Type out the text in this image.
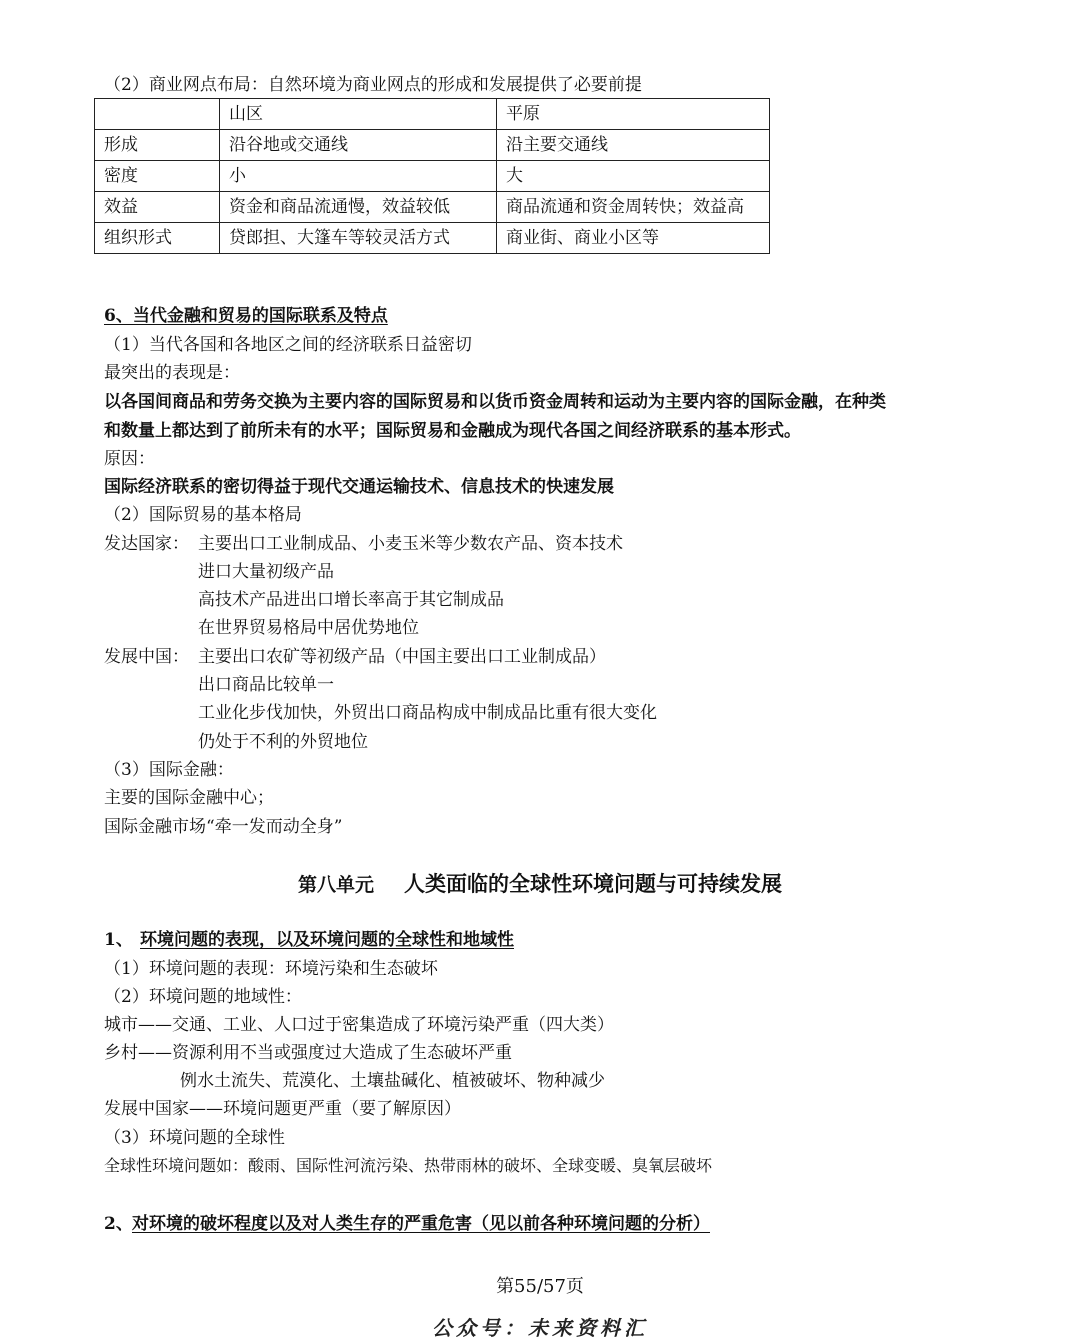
（2）商业网点布局：自然环境为商业网点的形成和发展提供了必要前提
	山区	平原
形成	沿谷地或交通线	沿主要交通线
密度	小	大
效益	资金和商品流通慢，效益较低	商品流通和资金周转快；效益高
组织形式	贷郎担、大篷车等较灵活方式	商业街、商业小区等
6、当代金融和贸易的国际联系及特点
（1）当代各国和各地区之间的经济联系日益密切
最突出的表现是：
以各国间商品和劳务交换为主要内容的国际贸易和以货币资金周转和运动为主要内容的国际金融，在种类
和数量上都达到了前所未有的水平；国际贸易和金融成为现代各国之间经济联系的基本形式。
原因：
国际经济联系的密切得益于现代交通运输技术、信息技术的快速发展
（2）国际贸易的基本格局
发达国家： 主要出口工业制成品、小麦玉米等少数农产品、资本技术
进口大量初级产品
高技术产品进出口增长率高于其它制成品
在世界贸易格局中居优势地位
发展中国： 主要出口农矿等初级产品（中国主要出口工业制成品）
出口商品比较单一
工业化步伐加快，外贸出口商品构成中制成品比重有很大变化
仍处于不利的外贸地位
（3）国际金融：
主要的国际金融中心；
国际金融市场“牵一发而动全身”
第八单元 人类面临的全球性环境问题与可持续发展
1、 环境问题的表现，以及环境问题的全球性和地域性
（1）环境问题的表现：环境污染和生态破坏
（2）环境问题的地域性：
城市——交通、工业、人口过于密集造成了环境污染严重（四大类）
乡村——资源利用不当或强度过大造成了生态破坏严重
例水土流失、荒漠化、土壤盐碱化、植被破坏、物种减少
发展中国家——环境问题更严重（要了解原因）
（3）环境问题的全球性
全球性环境问题如：酸雨、国际性河流污染、热带雨林的破坏、全球变暖、臭氧层破坏
2、 对环境的破坏程度以及对人类生存的严重危害（见以前各种环境问题的分析）
第55/57页
公众号：未来资料汇
